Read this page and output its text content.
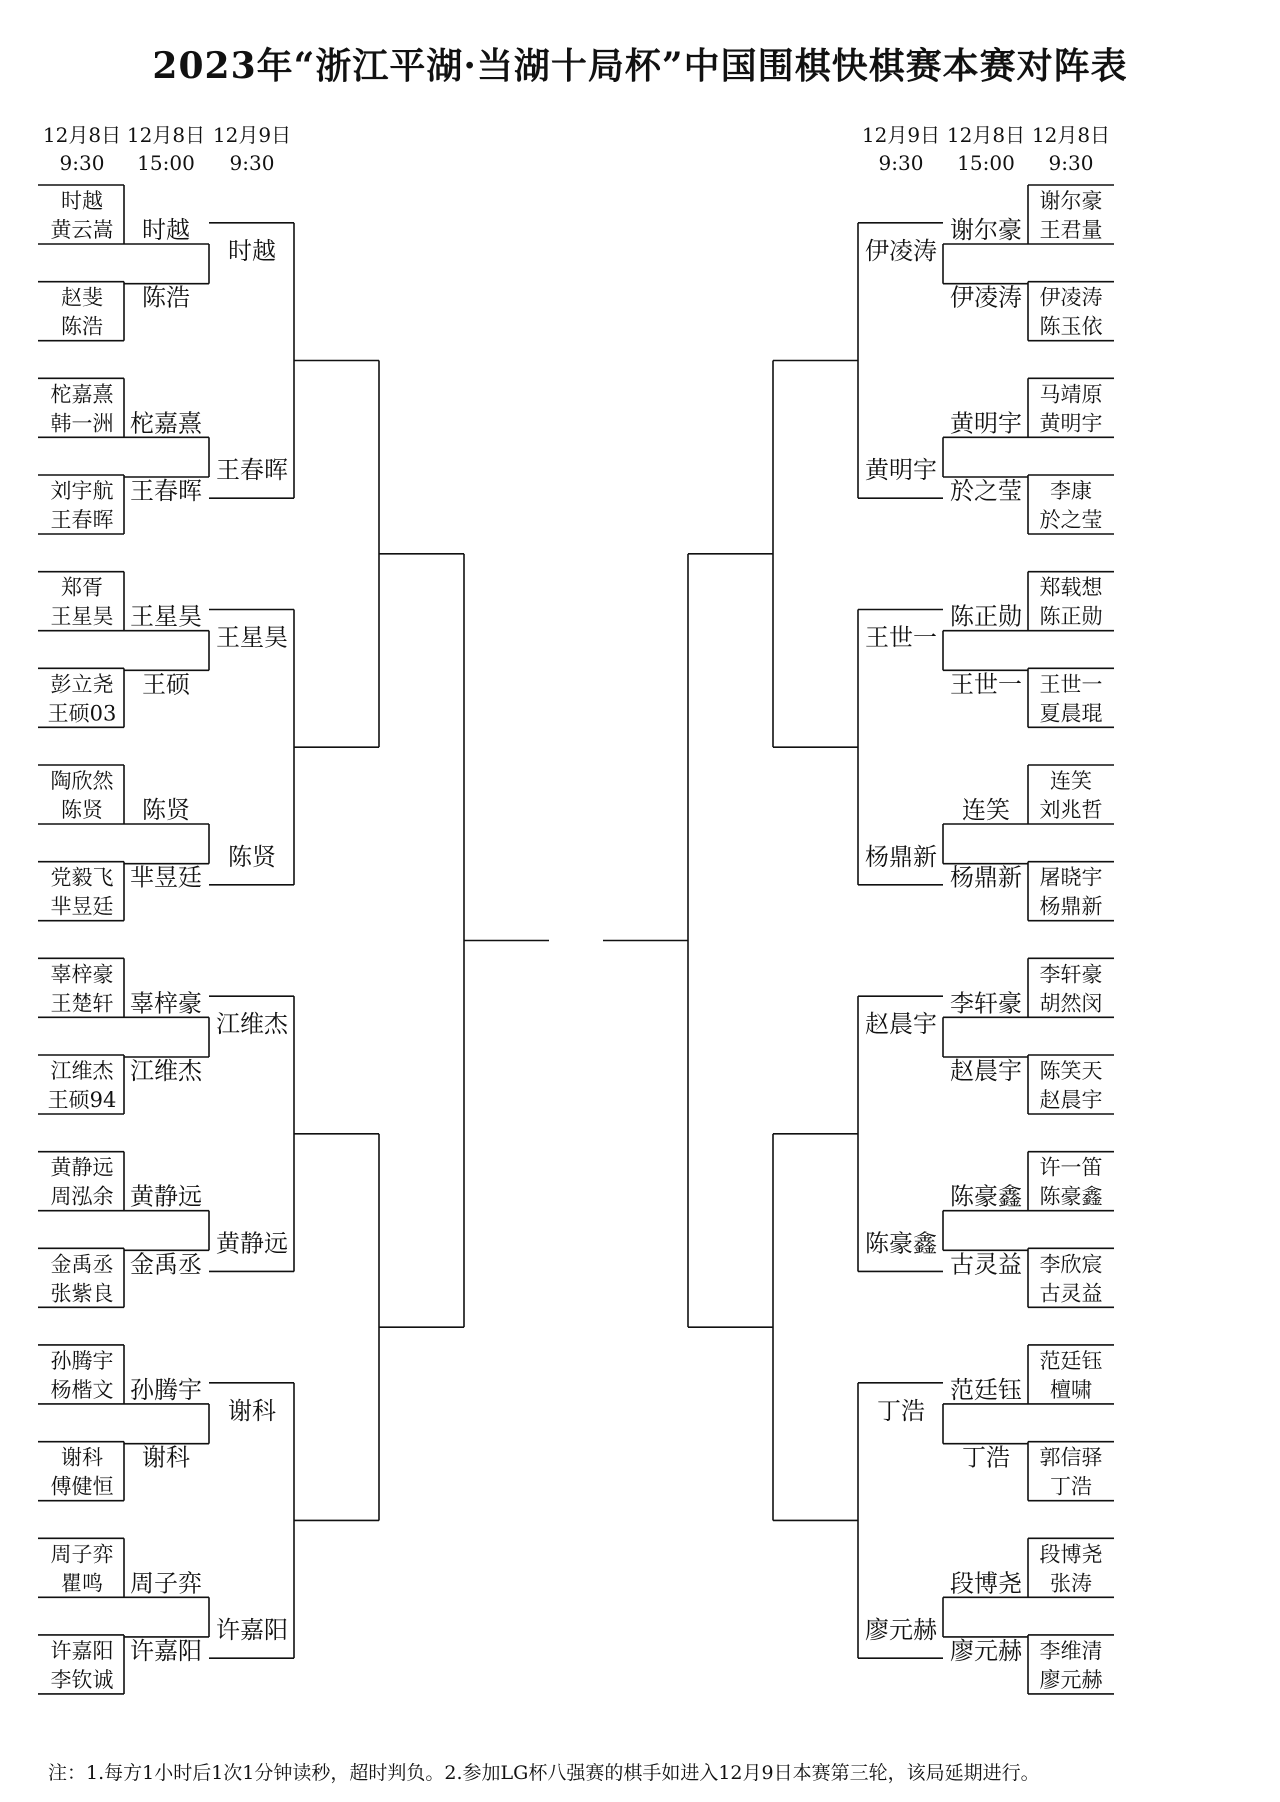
2023年“浙江平湖·当湖十局杯”中国围棋快棋赛本赛对阵表
12月8日
9:30
12月8日
15:00
12月9日
9:30
时越
黄云嵩 时越
赵斐
陈浩
陈浩
柁嘉熹
韩一洲 柁嘉熹
刘宇航
王春晖
王春晖
郑胥
王星昊 王星昊
彭立尧
王硕03
王硕
陶欣然
陈贤 陈贤
党毅飞
芈昱廷
芈昱廷
辜梓豪
王楚轩 辜梓豪
江维杰
王硕94
江维杰
黄静远
周泓余 黄静远
金禹丞
张紫良
金禹丞
孙腾宇
杨楷文 孙腾宇
谢科
傅健恒
谢科
周子弈
瞿鸣 周子弈
许嘉阳
李钦诚
许嘉阳
时越
王春晖
王星昊
陈贤
江维杰
黄静远
谢科
许嘉阳
12月9日
9:30
12月8日
15:00
12月8日
9:30
谢尔豪
王君量
谢尔豪
伊凌涛
陈玉依
伊凌涛
马靖原
黄明宇
黄明宇
李康
於之莹
於之莹
郑载想
陈正勋
陈正勋
王世一
夏晨琨
王世一
连笑
刘兆哲
连笑
屠晓宇
杨鼎新
杨鼎新
李轩豪
胡然闵
李轩豪
陈笑天
赵晨宇
赵晨宇
许一笛
陈豪鑫
陈豪鑫
李欣宸
古灵益
古灵益
范廷钰
檀啸
范廷钰
郭信驿
丁浩
丁浩
段博尧
张涛
段博尧
李维清
廖元赫
廖元赫
伊凌涛
黄明宇
王世一
杨鼎新
赵晨宇
陈豪鑫
丁浩
廖元赫
注：1.每方1小时后1次1分钟读秒，超时判负。2.参加LG杯八强赛的棋手如进入12月9日本赛第三轮，该局延期进行。
